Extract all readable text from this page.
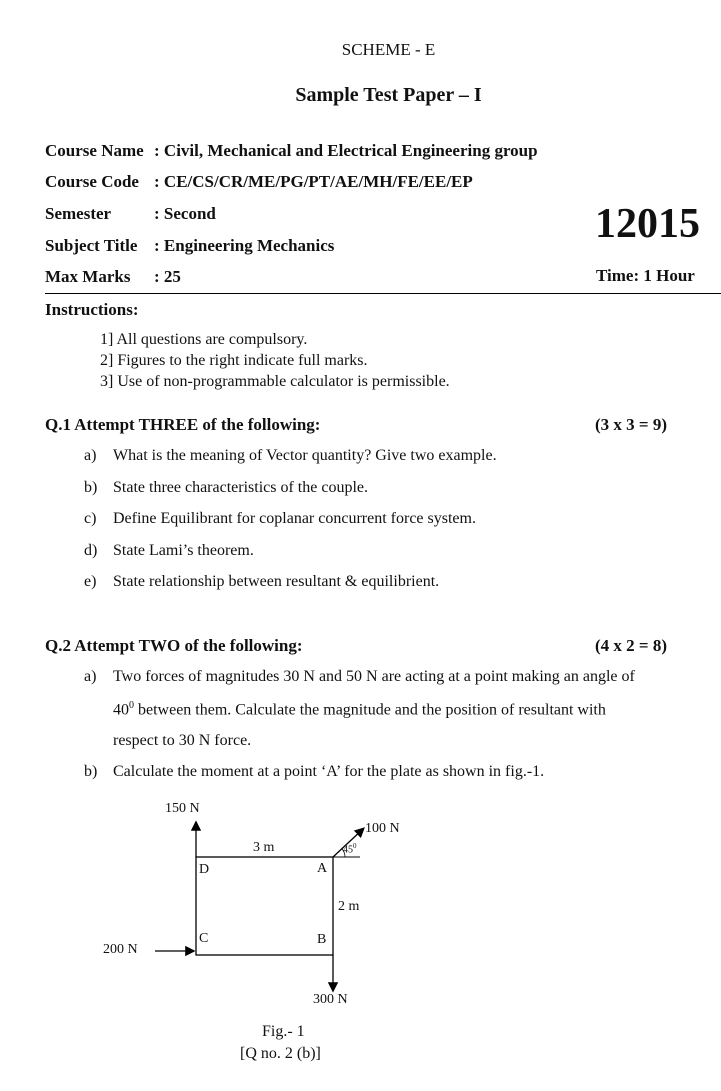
SCHEME - E
Sample Test Paper – I
Course Name : Civil, Mechanical and Electrical Engineering group
Course Code : CE/CS/CR/ME/PG/PT/AE/MH/FE/EE/EP
Semester	: Second
Subject Title : Engineering Mechanics
Max Marks : 25
12015
Time: 1 Hour
Instructions:
1] All questions are compulsory.
2] Figures to the right indicate full marks.
3] Use of non-programmable calculator is permissible.
Q.1 Attempt THREE of the following:	(3 x 3 = 9)
a) What is the meaning of Vector quantity? Give two example.
b) State three characteristics of the couple.
c) Define Equilibrant for coplanar concurrent force system.
d) State Lami’s theorem.
e) State relationship between resultant & equilibrient.
Q.2 Attempt TWO of the following:	(4 x 2 = 8)
a) Two forces of magnitudes 30 N and 50 N are acting at a point making an angle of
$40^0$ between them. Calculate the magnitude and the position of resultant with
respect to 30 N force.
b) Calculate the moment at a point ‘A’ for the plate as shown in fig.-1.
150 N
100 N
$45^0$
3 m
2 m
D	A
C	B
200 N
300 N
Fig.- 1
[Q no. 2 (b)]
